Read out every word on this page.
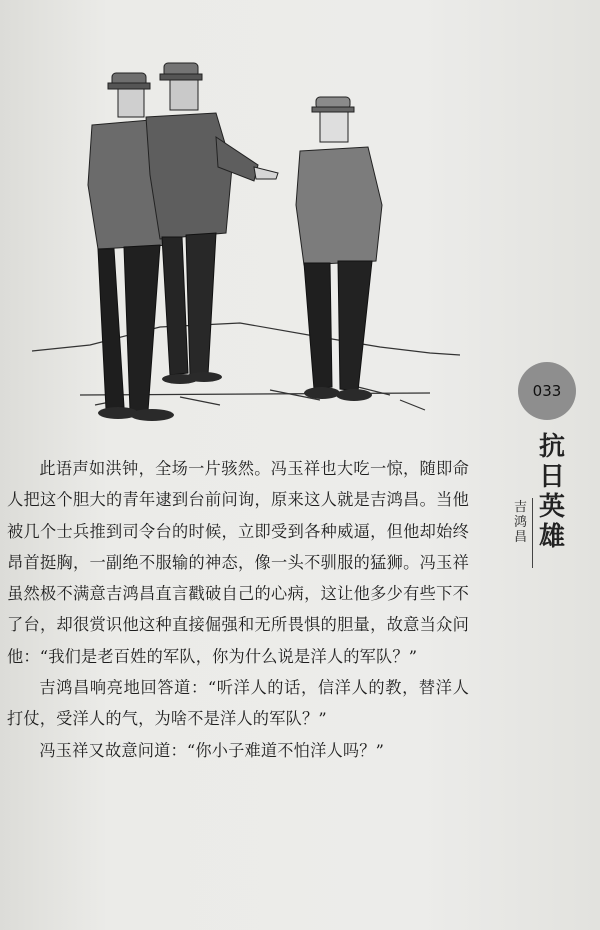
033
抗日英雄
吉鸿昌

此语声如洪钟，全场一片骇然。冯玉祥也大吃一惊，随即命人把这个胆大的青年逮到台前问询，原来这人就是吉鸿昌。当他被几个士兵推到司令台的时候，立即受到各种威逼，但他却始终昂首挺胸，一副绝不服输的神态，像一头不驯服的猛狮。冯玉祥虽然极不满意吉鸿昌直言戳破自己的心病，这让他多少有些下不了台，却很赏识他这种直接倔强和无所畏惧的胆量，故意当众问他：“我们是老百姓的军队，你为什么说是洋人的军队？”

吉鸿昌响亮地回答道：“听洋人的话，信洋人的教，替洋人打仗，受洋人的气，为啥不是洋人的军队？”

冯玉祥又故意问道：“你小子难道不怕洋人吗？”
